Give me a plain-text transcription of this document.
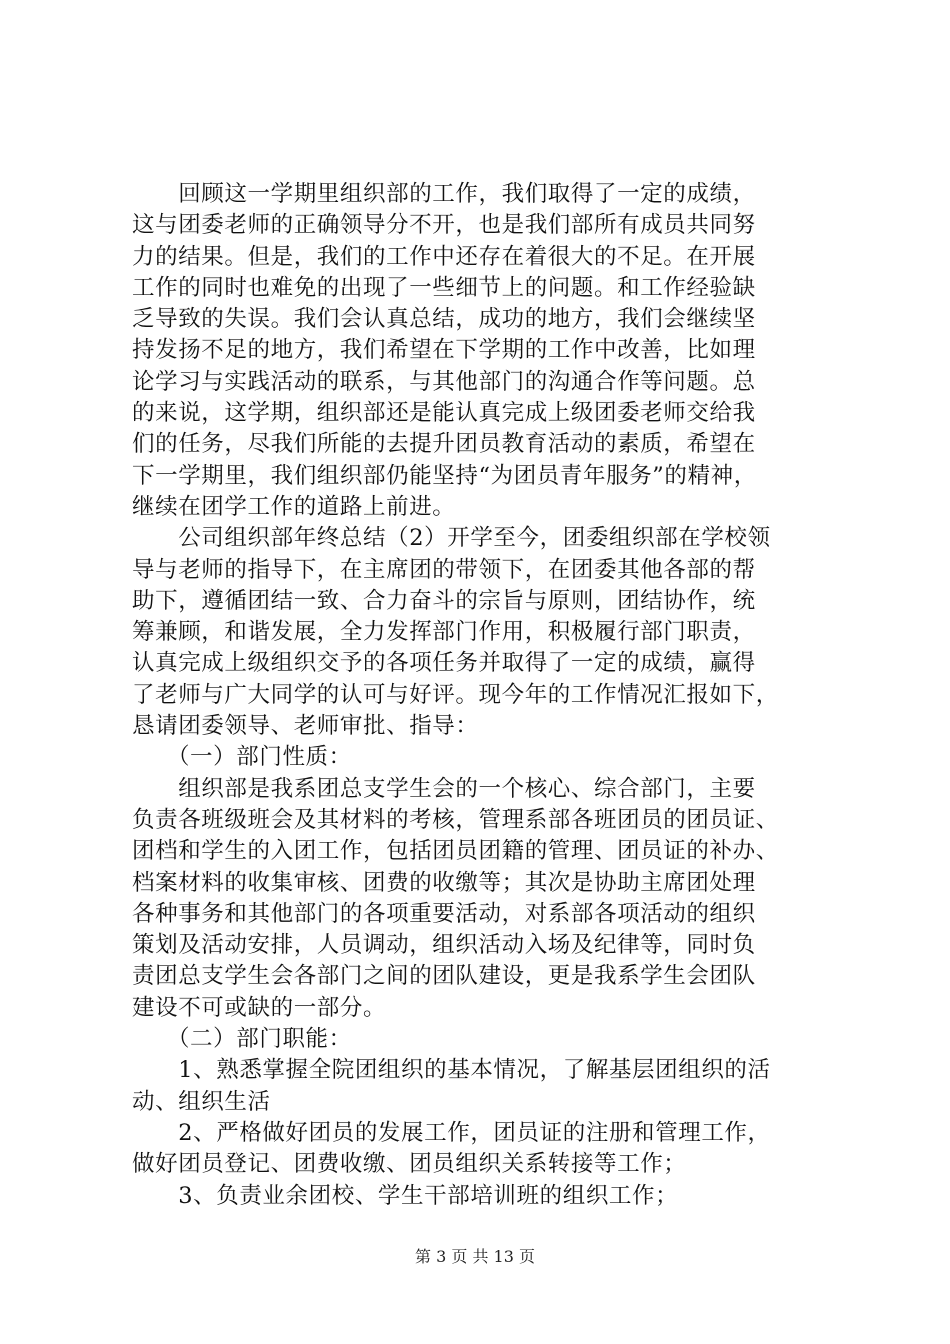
　　回顾这一学期里组织部的工作，我们取得了一定的成绩，
这与团委老师的正确领导分不开，也是我们部所有成员共同努
力的结果。但是，我们的工作中还存在着很大的不足。在开展
工作的同时也难免的出现了一些细节上的问题。和工作经验缺
乏导致的失误。我们会认真总结，成功的地方，我们会继续坚
持发扬不足的地方，我们希望在下学期的工作中改善，比如理
论学习与实践活动的联系，与其他部门的沟通合作等问题。总
的来说，这学期，组织部还是能认真完成上级团委老师交给我
们的任务，尽我们所能的去提升团员教育活动的素质，希望在
下一学期里，我们组织部仍能坚持“为团员青年服务”的精神，
继续在团学工作的道路上前进。
　　公司组织部年终总结（2）开学至今，团委组织部在学校领
导与老师的指导下，在主席团的带领下，在团委其他各部的帮
助下，遵循团结一致、合力奋斗的宗旨与原则，团结协作，统
筹兼顾，和谐发展，全力发挥部门作用，积极履行部门职责，
认真完成上级组织交予的各项任务并取得了一定的成绩，赢得
了老师与广大同学的认可与好评。现今年的工作情况汇报如下，
恳请团委领导、老师审批、指导：
　　（一）部门性质：
　　组织部是我系团总支学生会的一个核心、综合部门，主要
负责各班级班会及其材料的考核，管理系部各班团员的团员证、
团档和学生的入团工作，包括团员团籍的管理、团员证的补办、
档案材料的收集审核、团费的收缴等；其次是协助主席团处理
各种事务和其他部门的各项重要活动，对系部各项活动的组织
策划及活动安排，人员调动，组织活动入场及纪律等，同时负
责团总支学生会各部门之间的团队建设，更是我系学生会团队
建设不可或缺的一部分。
　　（二）部门职能：
　　1、熟悉掌握全院团组织的基本情况，了解基层团组织的活
动、组织生活
　　2、严格做好团员的发展工作，团员证的注册和管理工作，
做好团员登记、团费收缴、团员组织关系转接等工作；
　　3、负责业余团校、学生干部培训班的组织工作；
第 3 页 共 13 页
